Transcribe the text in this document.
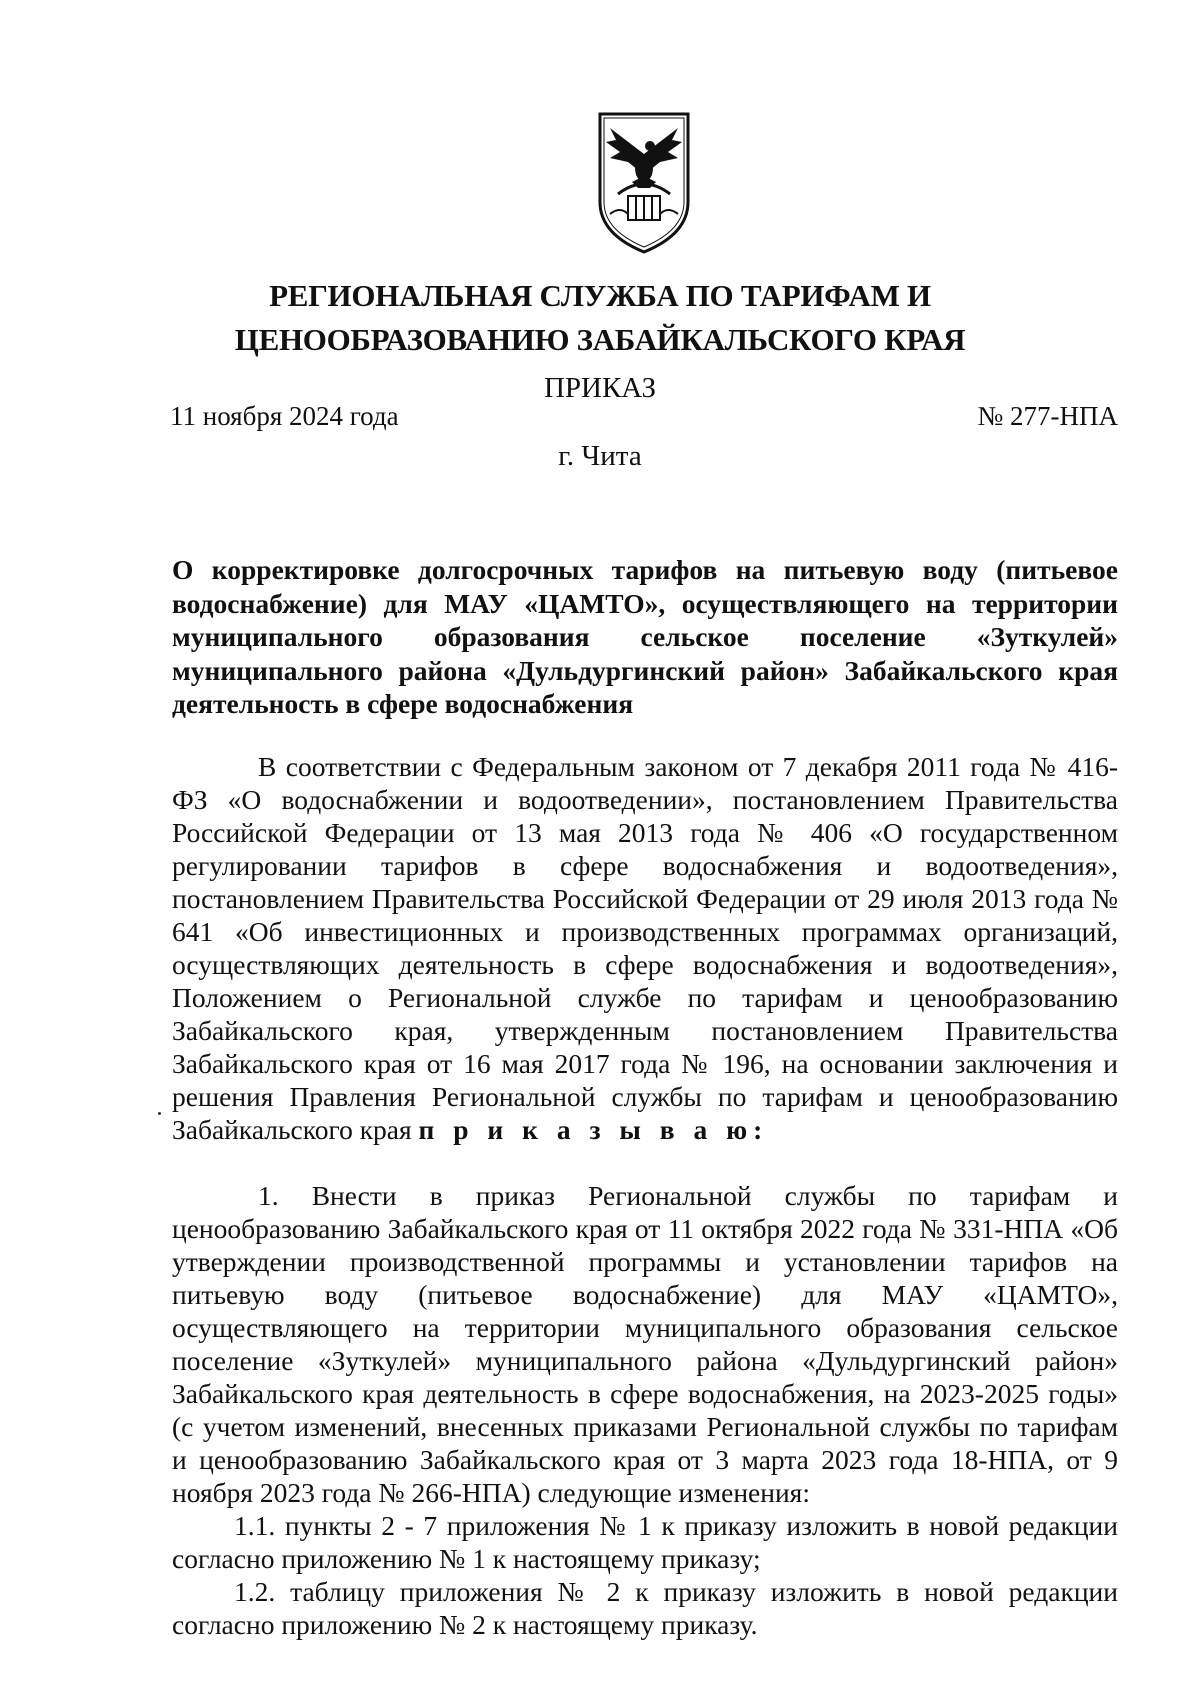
РЕГИОНАЛЬНАЯ СЛУЖБА ПО ТАРИФАМ И
ЦЕНООБРАЗОВАНИЮ ЗАБАЙКАЛЬСКОГО КРАЯ
ПРИКАЗ
11 ноября 2024 года	№ 277-НПА
г. Чита
О корректировке долгосрочных тарифов на питьевую воду (питьевое водоснабжение) для МАУ «ЦАМТО», осуществляющего на территории муниципального образования сельское поселение «Зуткулей» муниципального района «Дульдургинский район» Забайкальского края деятельность в сфере водоснабжения

В соответствии с Федеральным законом от 7 декабря 2011 года № 416-ФЗ «О водоснабжении и водоотведении», постановлением Правительства Российской Федерации от 13 мая 2013 года № 406 «О государственном регулировании тарифов в сфере водоснабжения и водоотведения», постановлением Правительства Российской Федерации от 29 июля 2013 года № 641 «Об инвестиционных и производственных программах организаций, осуществляющих деятельность в сфере водоснабжения и водоотведения», Положением о Региональной службе по тарифам и ценообразованию Забайкальского края, утвержденным постановлением Правительства Забайкальского края от 16 мая 2017 года № 196, на основании заключения и решения Правления Региональной службы по тарифам и ценообразованию Забайкальского края п р и к а з ы в а ю:

1. Внести в приказ Региональной службы по тарифам и ценообразованию Забайкальского края от 11 октября 2022 года № 331-НПА «Об утверждении производственной программы и установлении тарифов на питьевую воду (питьевое водоснабжение) для МАУ «ЦАМТО», осуществляющего на территории муниципального образования сельское поселение «Зуткулей» муниципального района «Дульдургинский район» Забайкальского края деятельность в сфере водоснабжения, на 2023-2025 годы» (с учетом изменений, внесенных приказами Региональной службы по тарифам и ценообразованию Забайкальского края от 3 марта 2023 года 18-НПА, от 9 ноября 2023 года № 266-НПА) следующие изменения:

1.1. пункты 2 - 7 приложения № 1 к приказу изложить в новой редакции согласно приложению № 1 к настоящему приказу;

1.2. таблицу приложения № 2 к приказу изложить в новой редакции согласно приложению № 2 к настоящему приказу.
